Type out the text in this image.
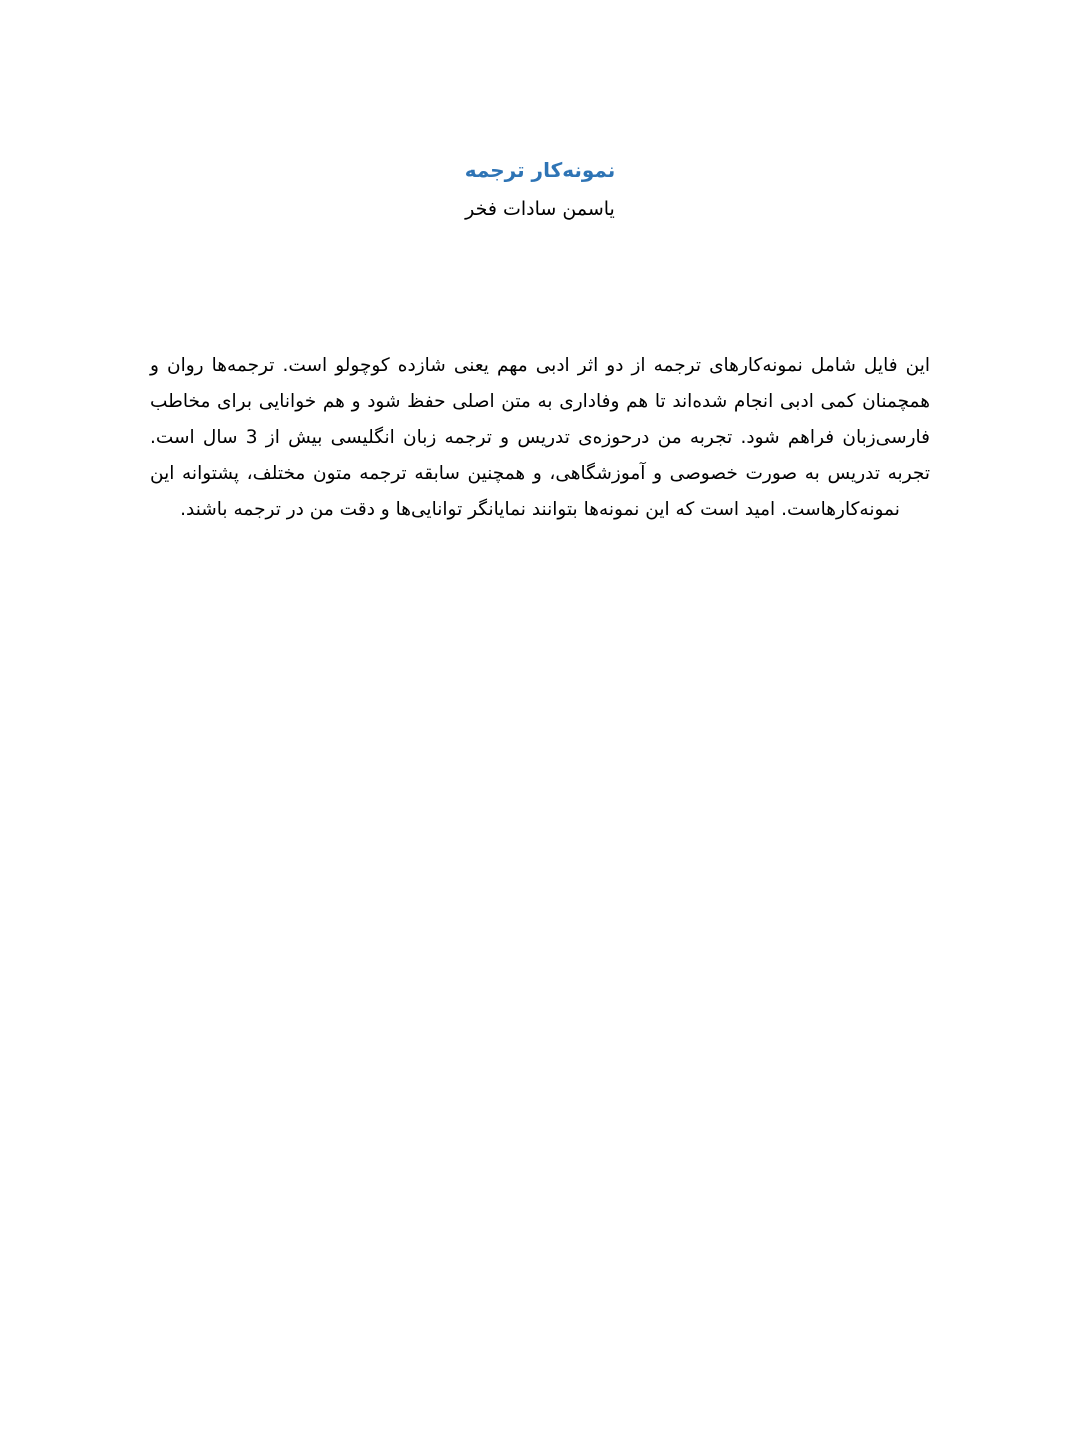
نمونه‌کار ترجمه
یاسمن سادات فخر
این فایل شامل نمونه‌کارهای ترجمه از دو اثر ادبی مهم یعنی شازده کوچولو است. ترجمه‌ها روان و همچمنان کمی ادبی انجام شده‌اند تا هم وفاداری به متن اصلی حفظ شود و هم خوانایی برای مخاطب فارسی‌زبان فراهم شود. تجربه من درحوزه‌ی تدریس و ترجمه زبان انگلیسی بیش از 3 سال است. تجربه تدریس به صورت خصوصی و آموزشگاهی، و همچنین سابقه ترجمه متون مختلف، پشتوانه این نمونه‌کارهاست. امید است که این نمونه‌ها بتوانند نمایانگر توانایی‌ها و دقت من در ترجمه باشند.
